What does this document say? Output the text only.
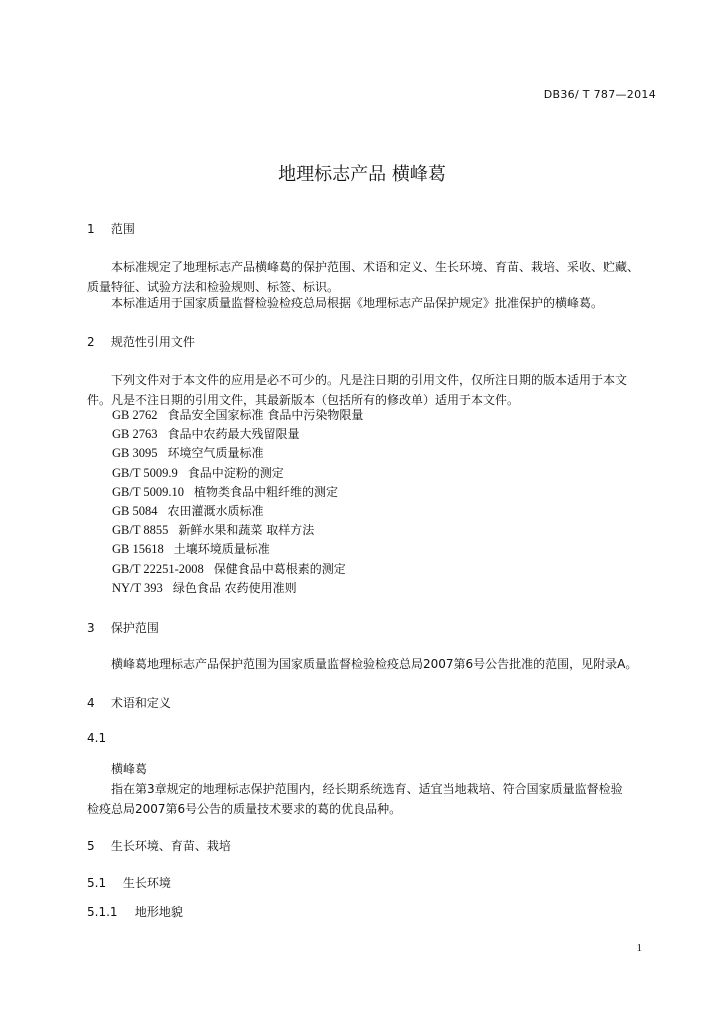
DB36/ T 787—2014
地理标志产品 横峰葛
1 范围
本标准规定了地理标志产品横峰葛的保护范围、术语和定义、生长环境、育苗、栽培、采收、贮藏、
质量特征、试验方法和检验规则、标签、标识。
本标准适用于国家质量监督检验检疫总局根据《地理标志产品保护规定》批准保护的横峰葛。
2 规范性引用文件
下列文件对于本文件的应用是必不可少的。凡是注日期的引用文件，仅所注日期的版本适用于本文
件。凡是不注日期的引用文件，其最新版本（包括所有的修改单）适用于本文件。
GB 2762 食品安全国家标准 食品中污染物限量
GB 2763 食品中农药最大残留限量
GB 3095 环境空气质量标准
GB/T 5009.9 食品中淀粉的测定
GB/T 5009.10 植物类食品中粗纤维的测定
GB 5084 农田灌溉水质标准
GB/T 8855 新鲜水果和蔬菜 取样方法
GB 15618 土壤环境质量标准
GB/T 22251-2008 保健食品中葛根素的测定
NY/T 393 绿色食品 农药使用准则
3 保护范围
横峰葛地理标志产品保护范围为国家质量监督检验检疫总局2007第6号公告批准的范围，见附录A。
4 术语和定义
4.1
横峰葛
指在第3章规定的地理标志保护范围内，经长期系统选育、适宜当地栽培、符合国家质量监督检验
检疫总局2007第6号公告的质量技术要求的葛的优良品种。
5 生长环境、育苗、栽培
5.1 生长环境
5.1.1 地形地貌
1
